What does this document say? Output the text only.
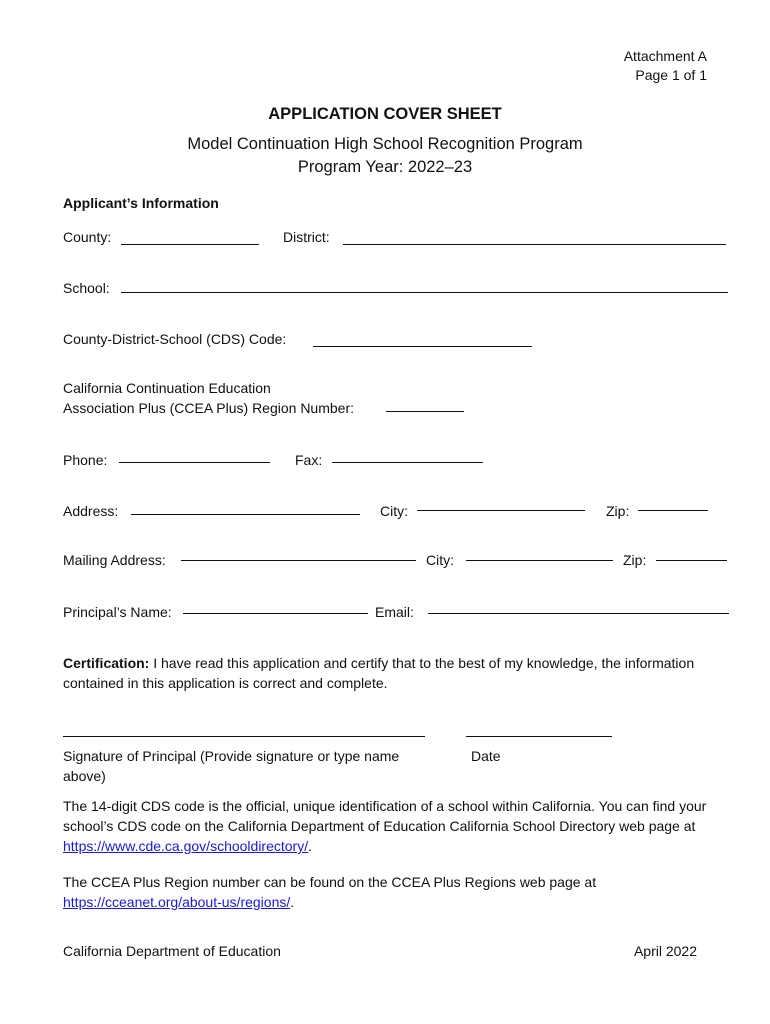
Attachment A
Page 1 of 1
APPLICATION COVER SHEET
Model Continuation High School Recognition Program
Program Year: 2022–23
Applicant’s Information
County:	District:
School:
County-District-School (CDS) Code:
California Continuation Education
Association Plus (CCEA Plus) Region Number:
Phone:	Fax:
Address:	City:	Zip:
Mailing Address:	City:	Zip:
Principal’s Name:	Email:
Certification: I have read this application and certify that to the best of my knowledge, the information contained in this application is correct and complete.
Signature of Principal (Provide signature or type name above)
Date
The 14-digit CDS code is the official, unique identification of a school within California. You can find your school’s CDS code on the California Department of Education California School Directory web page at https://www.cde.ca.gov/schooldirectory/.
The CCEA Plus Region number can be found on the CCEA Plus Regions web page at https://cceanet.org/about-us/regions/.
California Department of Education	April 2022
